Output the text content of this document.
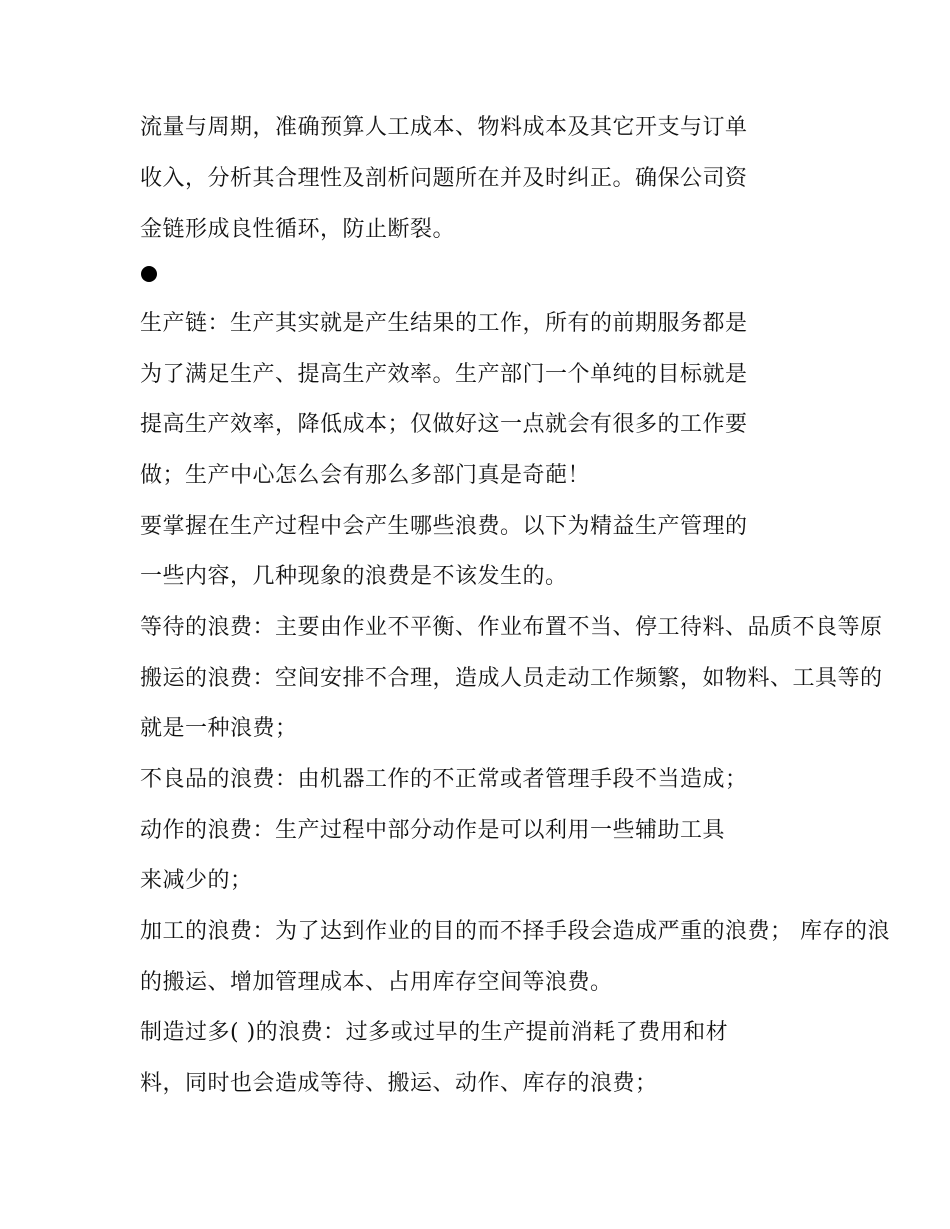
流量与周期，准确预算人工成本、物料成本及其它开支与订单
收入，分析其合理性及剖析问题所在并及时纠正。确保公司资
金链形成良性循环，防止断裂。
生产链：生产其实就是产生结果的工作，所有的前期服务都是
为了满足生产、提高生产效率。生产部门一个单纯的目标就是
提高生产效率，降低成本；仅做好这一点就会有很多的工作要
做；生产中心怎么会有那么多部门真是奇葩！
要掌握在生产过程中会产生哪些浪费。以下为精益生产管理的
一些内容，几种现象的浪费是不该发生的。
等待的浪费：主要由作业不平衡、作业布置不当、停工待料、品质不良等原
搬运的浪费：空间安排不合理，造成人员走动工作频繁，如物料、工具等的
就是一种浪费；
不良品的浪费：由机器工作的不正常或者管理手段不当造成；
动作的浪费：生产过程中部分动作是可以利用一些辅助工具
来减少的；
加工的浪费：为了达到作业的目的而不择手段会造成严重的浪费； 库存的浪
的搬运、增加管理成本、占用库存空间等浪费。
制造过多( )的浪费：过多或过早的生产提前消耗了费用和材
料，同时也会造成等待、搬运、动作、库存的浪费；
